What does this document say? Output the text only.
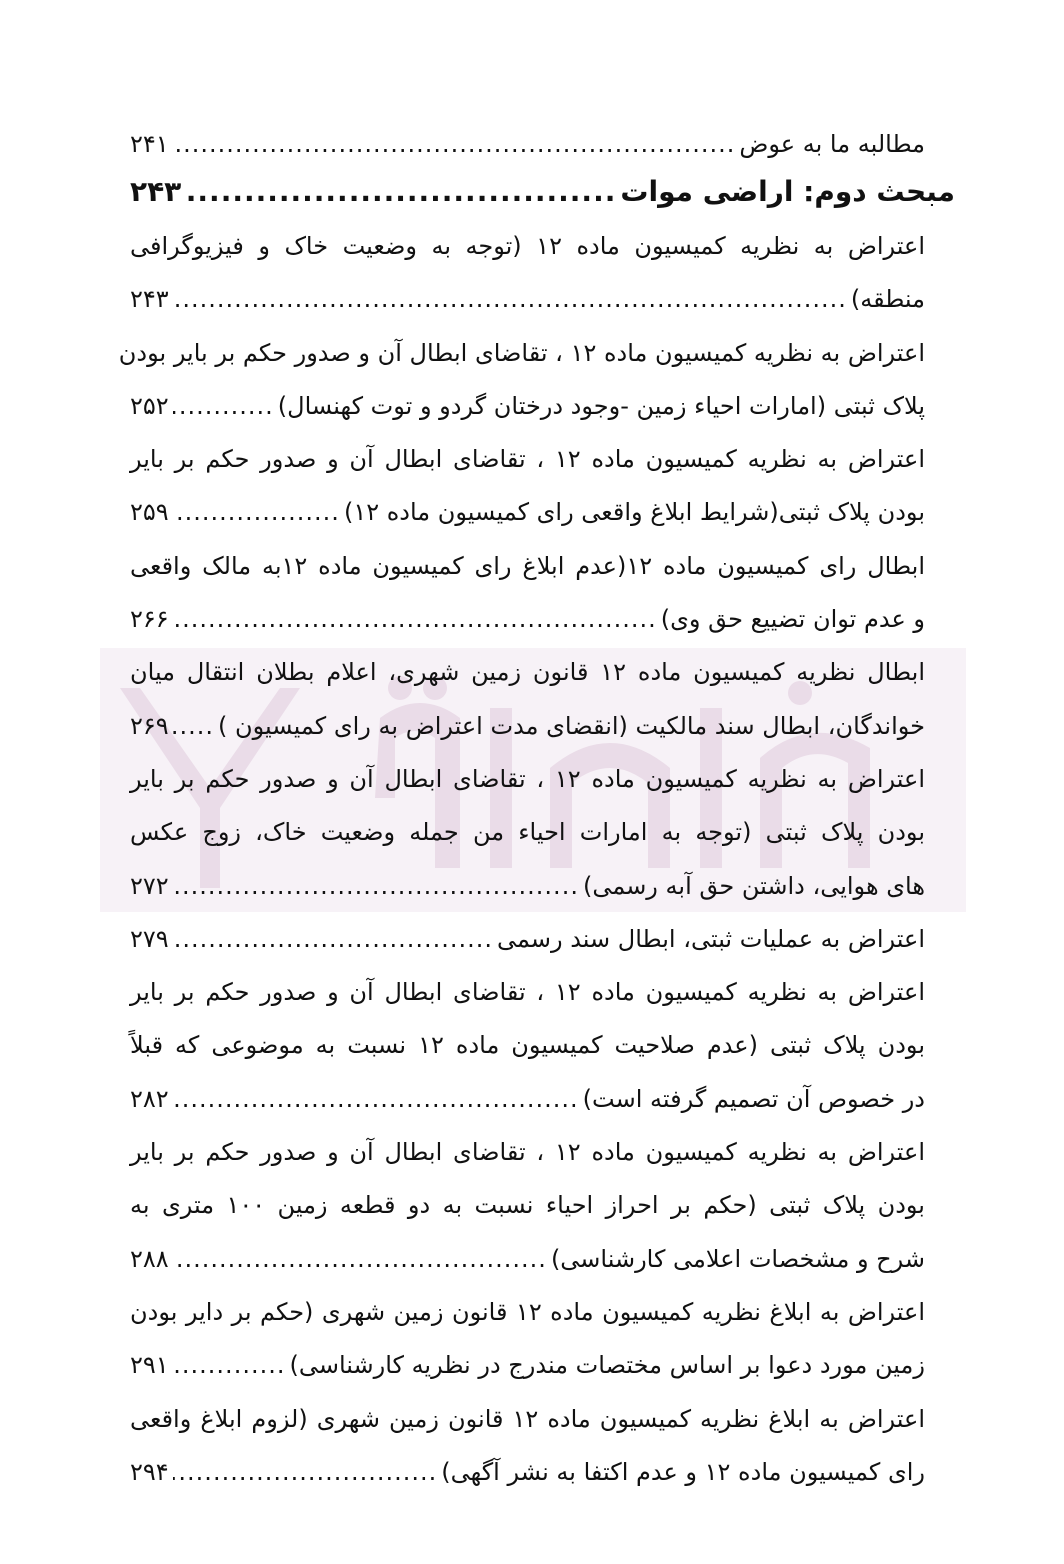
مطالبه ما به عوض
.....
۲۴۱
مبحث دوم: اراضی موات
.....
۲۴۳
اعتراض به نظریه کمیسیون ماده ۱۲ (توجه به وضعیت خاک و فیزیوگرافی
منطقه)
.....
۲۴۳
اعتراض به نظریه کمیسیون ماده ۱۲ ، تقاضای ابطال آن و صدور حکم بر بایر بودن
پلاک ثبتی (امارات احیاء زمین -وجود درختان گردو و توت کهنسال)
.....
۲۵۲
اعتراض به نظریه کمیسیون ماده ۱۲ ، تقاضای ابطال آن و صدور حکم بر بایر
بودن پلاک ثبتی(شرایط ابلاغ واقعی رای کمیسیون ماده ۱۲)
.....
۲۵۹
ابطال رای کمیسیون ماده ۱۲(عدم ابلاغ رای کمیسیون ماده ۱۲به مالک واقعی
و عدم توان تضییع حق وی)
.....
۲۶۶
ابطال نظریه کمیسیون ماده ۱۲ قانون زمین شهری، اعلام بطلان انتقال میان
خواندگان، ابطال سند مالکیت (انقضای مدت اعتراض به رای کمیسیون )
.....
۲۶۹
اعتراض به نظریه کمیسیون ماده ۱۲ ، تقاضای ابطال آن و صدور حکم بر بایر
بودن پلاک ثبتی (توجه به امارات احیاء من جمله وضعیت خاک، زوج عکس
های هوایی، داشتن حق آبه رسمی)
.....
۲۷۲
اعتراض به عملیات ثبتی، ابطال سند رسمی
.....
۲۷۹
اعتراض به نظریه کمیسیون ماده ۱۲ ، تقاضای ابطال آن و صدور حکم بر بایر
بودن پلاک ثبتی (عدم صلاحیت کمیسیون ماده ۱۲ نسبت به موضوعی که قبلاً
در خصوص آن تصمیم گرفته است)
.....
۲۸۲
اعتراض به نظریه کمیسیون ماده ۱۲ ، تقاضای ابطال آن و صدور حکم بر بایر
بودن پلاک ثبتی (حکم بر احراز احیاء نسبت به دو قطعه زمین ۱۰۰ متری به
شرح و مشخصات اعلامی کارشناسی)
.....
۲۸۸
اعتراض به ابلاغ نظریه کمیسیون ماده ۱۲ قانون زمین شهری (حکم بر دایر بودن
زمین مورد دعوا بر اساس مختصات مندرج در نظریه کارشناسی)
.....
۲۹۱
اعتراض به ابلاغ نظریه کمیسیون ماده ۱۲ قانون زمین شهری (لزوم ابلاغ واقعی
رای کمیسیون ماده ۱۲ و عدم اکتفا به نشر آگهی)
.....
۲۹۴
